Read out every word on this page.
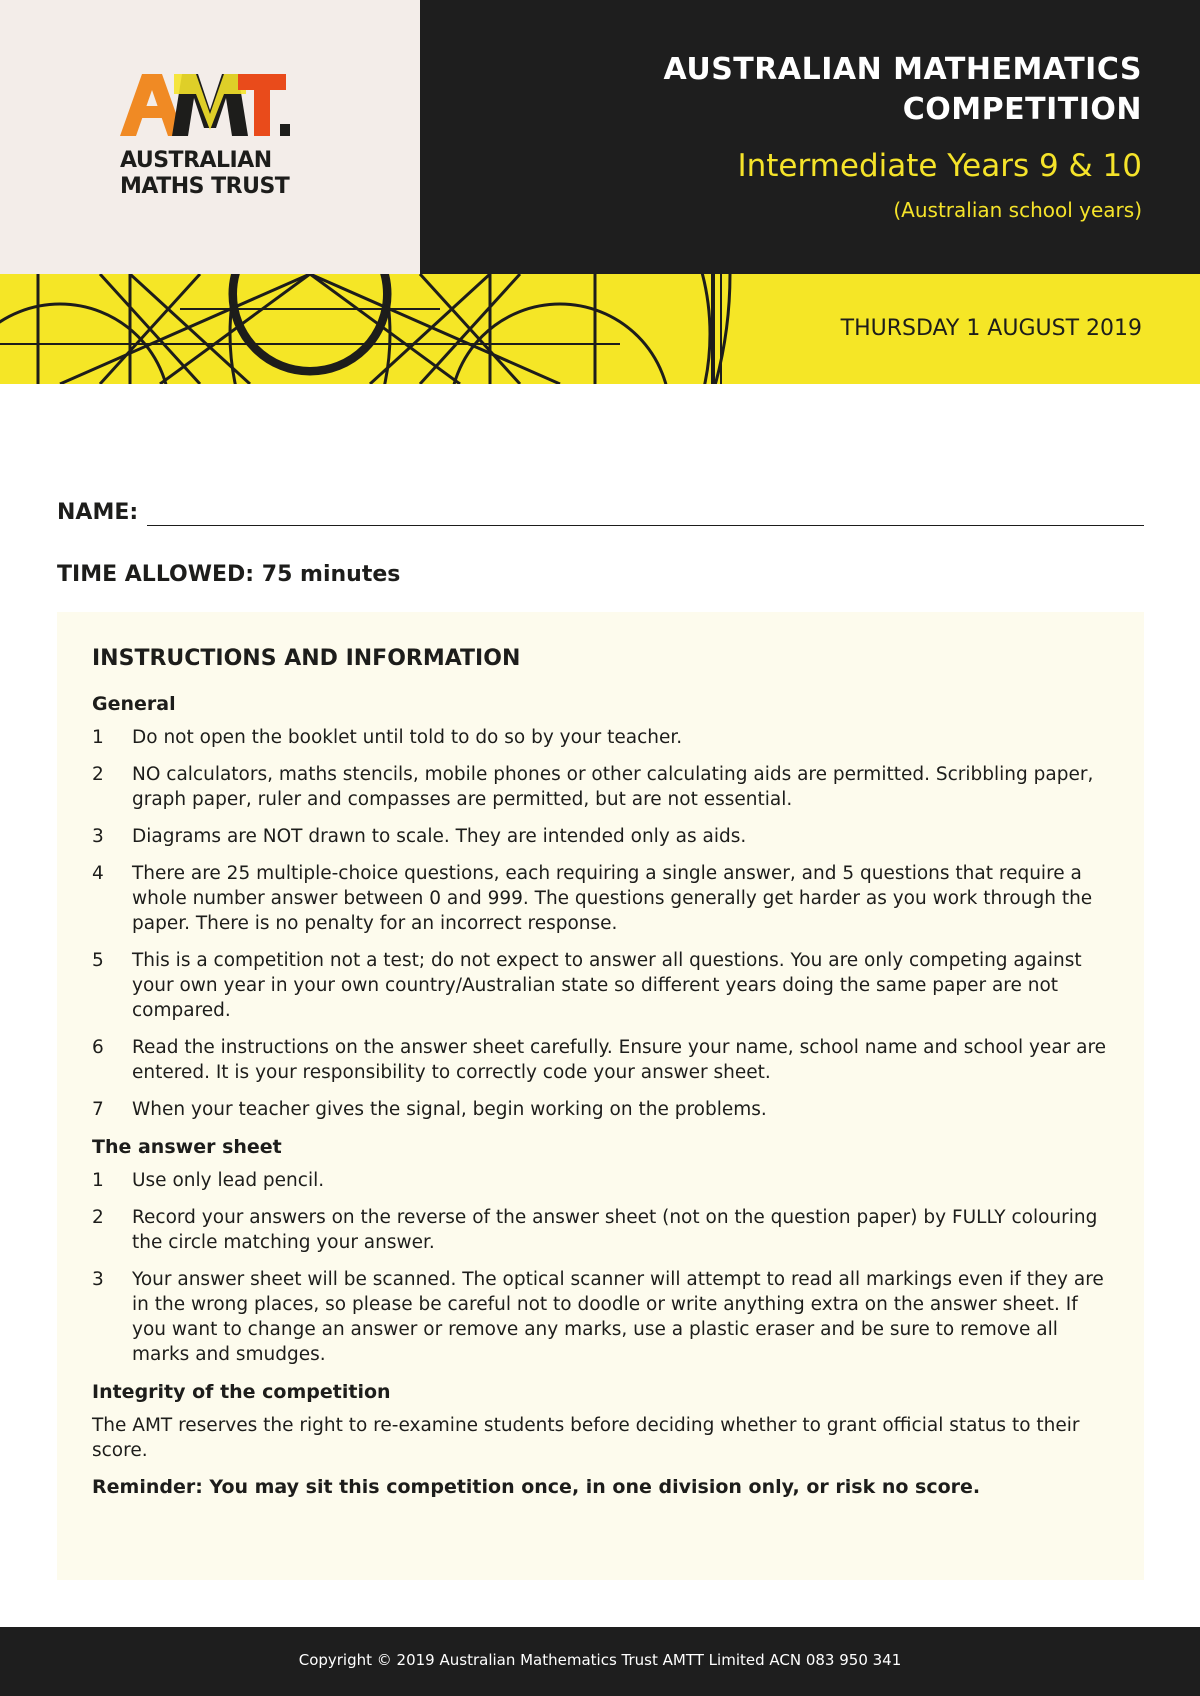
AUSTRALIAN
MATHS TRUST
AUSTRALIAN MATHEMATICS
COMPETITION
Intermediate Years 9 & 10
(Australian school years)
THURSDAY 1 AUGUST 2019
NAME:
TIME ALLOWED: 75 minutes
INSTRUCTIONS AND INFORMATION
General
1 Do not open the booklet until told to do so by your teacher.
2 NO calculators, maths stencils, mobile phones or other calculating aids are permitted. Scribbling paper, graph paper, ruler and compasses are permitted, but are not essential.
3 Diagrams are NOT drawn to scale. They are intended only as aids.
4 There are 25 multiple-choice questions, each requiring a single answer, and 5 questions that require a whole number answer between 0 and 999. The questions generally get harder as you work through the paper. There is no penalty for an incorrect response.
5 This is a competition not a test; do not expect to answer all questions. You are only competing against your own year in your own country/Australian state so different years doing the same paper are not compared.
6 Read the instructions on the answer sheet carefully. Ensure your name, school name and school year are entered. It is your responsibility to correctly code your answer sheet.
7 When your teacher gives the signal, begin working on the problems.
The answer sheet
1 Use only lead pencil.
2 Record your answers on the reverse of the answer sheet (not on the question paper) by FULLY colouring the circle matching your answer.
3 Your answer sheet will be scanned. The optical scanner will attempt to read all markings even if they are in the wrong places, so please be careful not to doodle or write anything extra on the answer sheet. If you want to change an answer or remove any marks, use a plastic eraser and be sure to remove all marks and smudges.
Integrity of the competition

The AMT reserves the right to re-examine students before deciding whether to grant official status to their score.

Reminder: You may sit this competition once, in one division only, or risk no score.

Copyright © 2019 Australian Mathematics Trust AMTT Limited ACN 083 950 341
